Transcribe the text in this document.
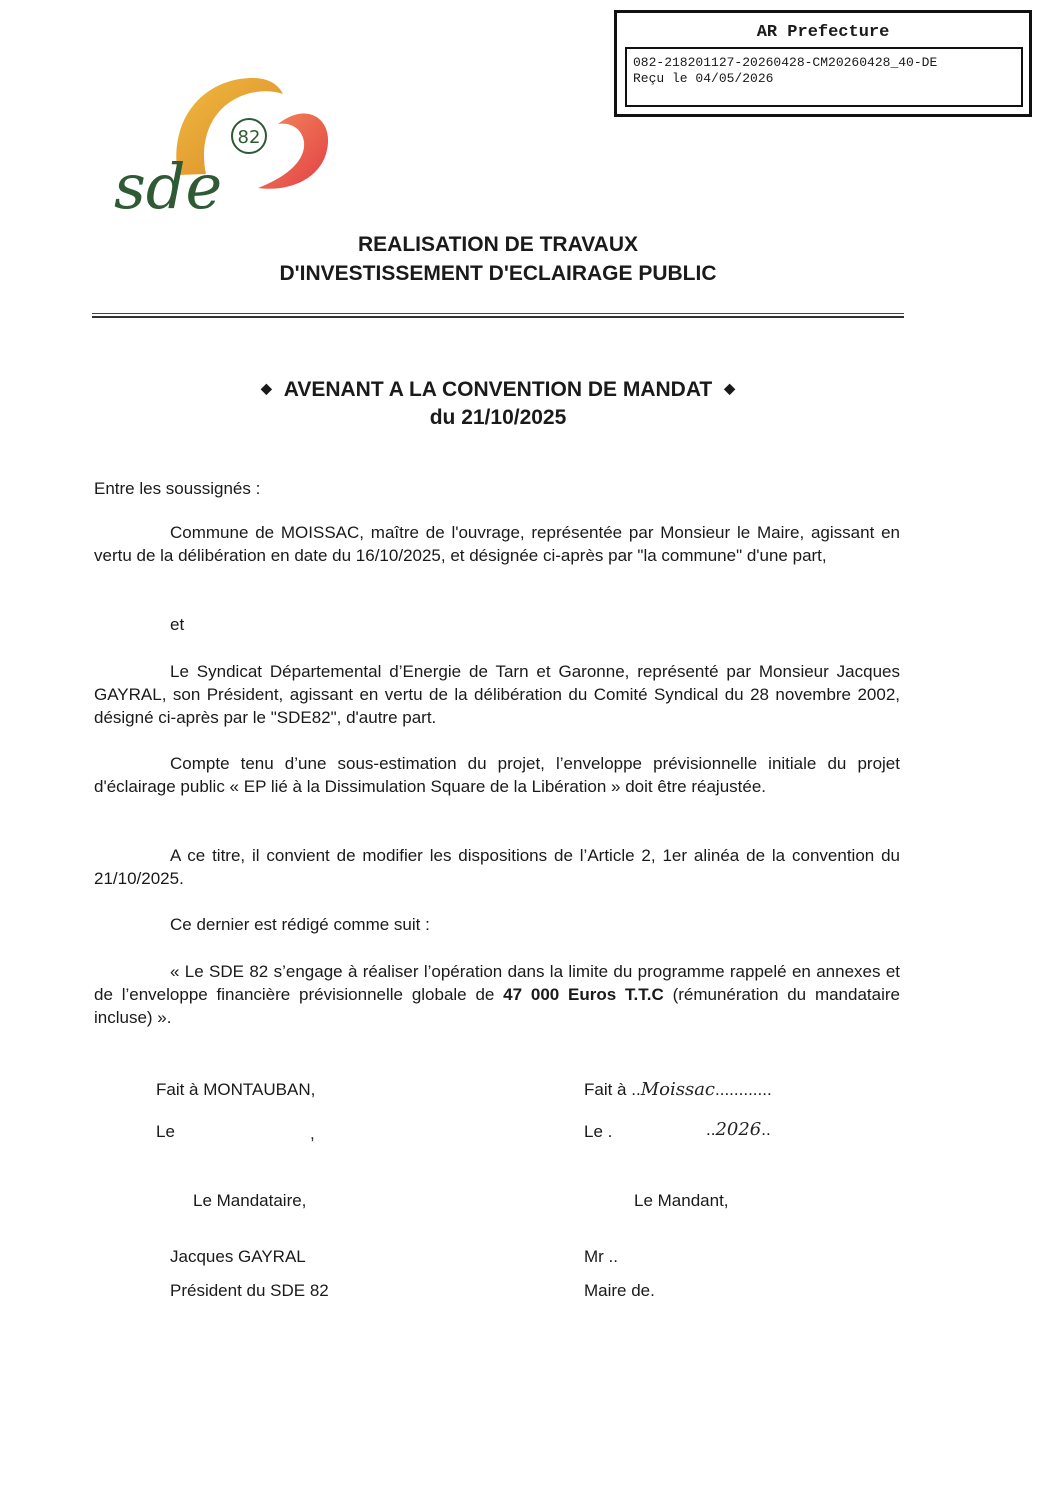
AR Prefecture
082-218201127-20260428-CM20260428_40-DE
Reçu le 04/05/2026
sde
82
REALISATION DE TRAVAUX
D'INVESTISSEMENT D'ECLAIRAGE PUBLIC
◆ AVENANT A LA CONVENTION DE MANDAT ◆
du 21/10/2025
Entre les soussignés :
Commune de MOISSAC, maître de l'ouvrage, représentée par Monsieur le Maire, agissant en vertu de la délibération en date du 16/10/2025, et désignée ci-après par "la commune" d'une part,
et
Le Syndicat Départemental d’Energie de Tarn et Garonne, représenté par Monsieur Jacques GAYRAL, son Président, agissant en vertu de la délibération du Comité Syndical du 28 novembre 2002, désigné ci-après par le "SDE82", d'autre part.
Compte tenu d’une sous-estimation du projet, l’enveloppe prévisionnelle initiale du projet d'éclairage public « EP lié à la Dissimulation Square de la Libération » doit être réajustée.
A ce titre, il convient de modifier les dispositions de l’Article 2, 1er alinéa de la convention du 21/10/2025.
Ce dernier est rédigé comme suit :
« Le SDE 82 s’engage à réaliser l’opération dans la limite du programme rappelé en annexes et de l’enveloppe financière prévisionnelle globale de 47 000 Euros T.T.C (rémunération du mandataire incluse) ».
Fait à MONTAUBAN,
Le	,
Le Mandataire,
Jacques GAYRAL
Président du SDE 82
Fait à ..Moissac............
Le .	..2026..
Le Mandant,
Mr ..
Maire de.
